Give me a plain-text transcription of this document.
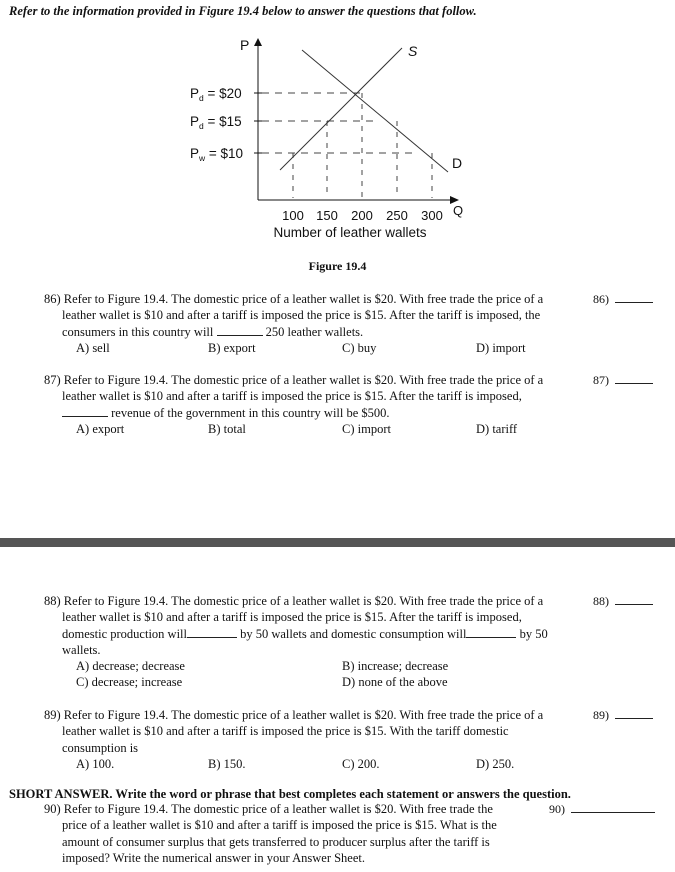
Refer to the information provided in Figure 19.4 below to answer the questions that follow.
P
Q
$P_d$ = $20
$P_d$ = $15
$P_w$ = $10
S
D
100 150 200 250 300
Number of leather wallets
Figure 19.4

86) Refer to Figure 19.4. The domestic price of a leather wallet is $20. With free trade the price of a

leather wallet is $10 and after a tariff is imposed the price is $15. After the tariff is imposed, the

consumers in this country will	250 leather wallets.

A) sell	B) export	C) buy	D) import
86)

87) Refer to Figure 19.4. The domestic price of a leather wallet is $20. With free trade the price of a

leather wallet is $10 and after a tariff is imposed the price is $15. After the tariff is imposed,

revenue of the government in this country will be $500.

A) export	B) total	C) import	D) tariff
87)

88) Refer to Figure 19.4. The domestic price of a leather wallet is $20. With free trade the price of a

leather wallet is $10 and after a tariff is imposed the price is $15. After the tariff is imposed,

domestic production will	by 50 wallets and domestic consumption will	by 50

wallets.

A) decrease; decrease	B) increase; decrease
C) decrease; increase	D) none of the above
88)

89) Refer to Figure 19.4. The domestic price of a leather wallet is $20. With free trade the price of a

leather wallet is $10 and after a tariff is imposed the price is $15. With the tariff domestic

consumption is

A) 100.	B) 150.	C) 200.	D) 250.
89)
SHORT ANSWER. Write the word or phrase that best completes each statement or answers the question.

90) Refer to Figure 19.4. The domestic price of a leather wallet is $20. With free trade the

price of a leather wallet is $10 and after a tariff is imposed the price is $15. What is the

amount of consumer surplus that gets transferred to producer surplus after the tariff is

imposed? Write the numerical answer in your Answer Sheet.

90)
